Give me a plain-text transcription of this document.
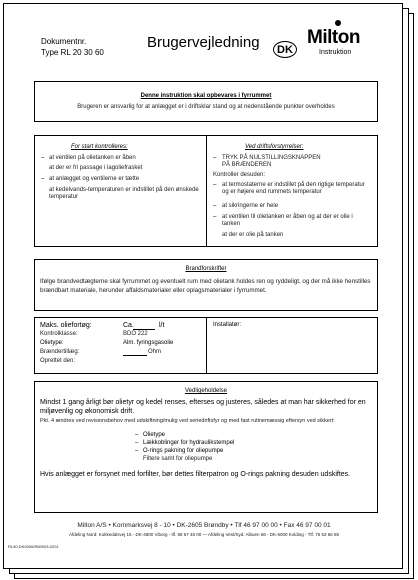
Dokumentnr.
Type RL 20 30 60
Brugervejledning	DK
Milton
Instruktion
Denne instruktion skal opbevares i fyrrummet
Brugeren er ansvarlig for at anlægget er i driftsklar stand og at nedenstående punkter overholdes
For start kontrolleres:
– at ventilen på olietanken er åben
at der er fri passage i lagoliefrasket
– at anlægget og ventilerne er tætte
at kedelvands-temperaturen er indstillet på den ønskede temperatur
Ved driftsforstyrrelser:
– TRYK PÅ NULSTILLINGSKNAPPEN PÅ BRÆNDEREN
Kontroller desuden:
– at termostaterne er indstillet på den rigtige temperatur og er højere end rummets temperatur
– at sikringerne er hele
– at ventilen til olietanken er åben og at der er olie i tanken
at der er olie på tanken
Brandforskrifter
Ifølge brandvedtægterne skal fyrrummet og eventuelt rum med olietank holdes ren og ryddeligt, og der må ikke henstilles brændbart materiale, herunder affaldsmaterialer eller oplagsmaterialer i fyrrummet.
Maks. oliefortøg:	Ca.	l/t
Kontrolklasse:	BDO 222
Olietype:	Alm. fyringsgasolie
Brændertillæg:	Ohm
Oprettet den:
Installatør:
Vedligeholdelse
Mindst 1 gang årligt bør olietyr og kedel renses, efterses og justeres, således at man har sikkerhed for en miljøvenlig og økonomisk drift.
Pkt. 4 ændres ved revisionsbehov med udskiftning/mulig ved seriedriftsfyr og med fast rutinemæssig eftersyn ved sikkert:
– Olietype
– Lækkoblinger for hydraulikstempel
– O-rings pakning for oliepumpe
Filtere samt for oliepumpe
Hvis anlægget er forsynet med forfilter, bør dettes filterpatron og O-rings pakning desuden udskiftes.
Milton A/S • Kornmarksvej 8 - 10 • DK-2605 Brøndby • Tlf 46 97 00 00 • Fax 46 97 00 01
Afdeling Nord: Kokkedalsvej 15 - DK-4800 Viborg - tlf. 86 67 48 00 — Afdeling Vest/Syd: Albuen 68 - DK-6000 Kolding - Tlf. 75 53 66 88
RL90-DK0006/R80003-0201
